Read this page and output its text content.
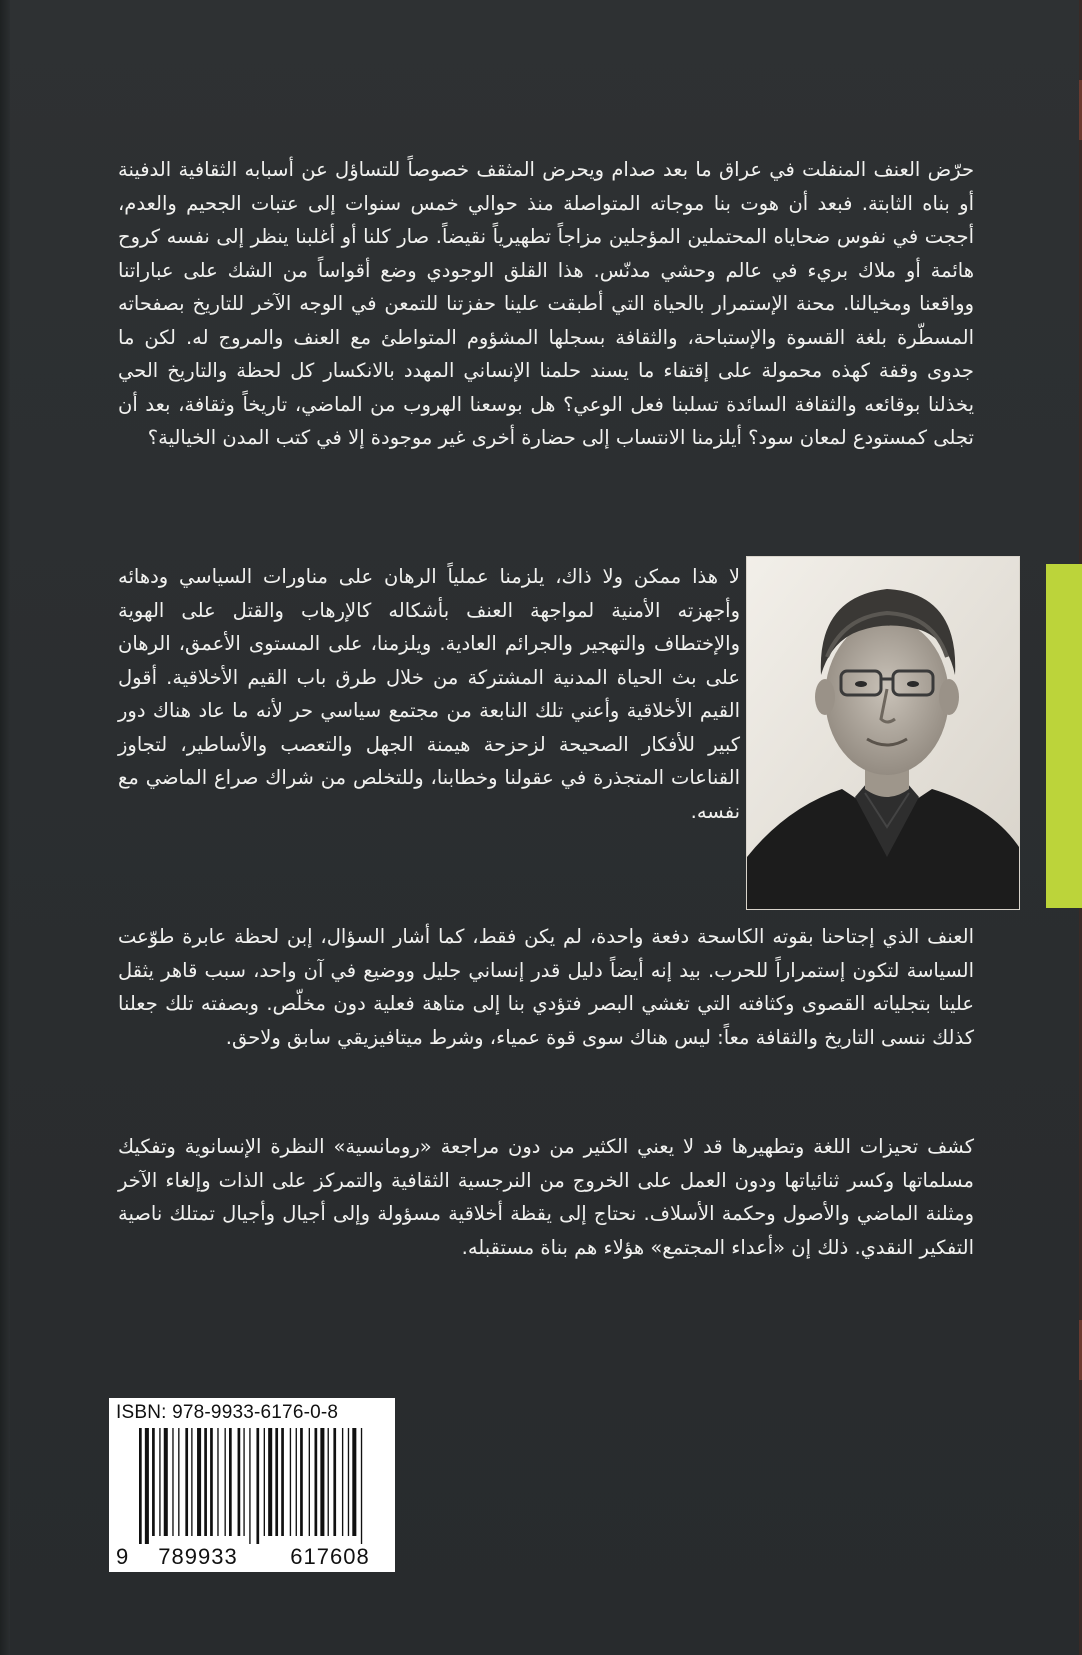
حرّض العنف المنفلت في عراق ما بعد صدام ويحرض المثقف خصوصاً للتساؤل عن أسبابه الثقافية الدفينة أو بناه الثابتة. فبعد أن هوت بنا موجاته المتواصلة منذ حوالي خمس سنوات إلى عتبات الجحيم والعدم، أججت في نفوس ضحاياه المحتملين المؤجلين مزاجاً تطهيرياً نقيضاً. صار كلنا أو أغلبنا ينظر إلى نفسه كروح هائمة أو ملاك بريء في عالم وحشي مدنّس. هذا القلق الوجودي وضع أقواساً من الشك على عباراتنا وواقعنا ومخيالنا. محنة الإستمرار بالحياة التي أطبقت علينا حفزتنا للتمعن في الوجه الآخر للتاريخ بصفحاته المسطّرة بلغة القسوة والإستباحة، والثقافة بسجلها المشؤوم المتواطئ مع العنف والمروج له. لكن ما جدوى وقفة كهذه محمولة على إقتفاء ما يسند حلمنا الإنساني المهدد بالانكسار كل لحظة والتاريخ الحي يخذلنا بوقائعه والثقافة السائدة تسلبنا فعل الوعي؟ هل بوسعنا الهروب من الماضي، تاريخاً وثقافة، بعد أن تجلى كمستودع لمعان سود؟ أيلزمنا الانتساب إلى حضارة أخرى غير موجودة إلا في كتب المدن الخيالية؟

لا هذا ممكن ولا ذاك، يلزمنا عملياً الرهان على مناورات السياسي ودهائه وأجهزته الأمنية لمواجهة العنف بأشكاله كالإرهاب والقتل على الهوية والإختطاف والتهجير والجرائم العادية. ويلزمنا، على المستوى الأعمق، الرهان على بث الحياة المدنية المشتركة من خلال طرق باب القيم الأخلاقية. أقول القيم الأخلاقية وأعني تلك النابعة من مجتمع سياسي حر لأنه ما عاد هناك دور كبير للأفكار الصحيحة لزحزحة هيمنة الجهل والتعصب والأساطير، لتجاوز القناعات المتجذرة في عقولنا وخطابنا، وللتخلص من شراك صراع الماضي مع نفسه.

العنف الذي إجتاحنا بقوته الكاسحة دفعة واحدة، لم يكن فقط، كما أشار السؤال، إبن لحظة عابرة طوّعت السياسة لتكون إستمراراً للحرب. بيد إنه أيضاً دليل قدر إنساني جليل ووضيع في آن واحد، سبب قاهر يثقل علينا بتجلياته القصوى وكثافته التي تغشي البصر فتؤدي بنا إلى متاهة فعلية دون مخلّص. وبصفته تلك جعلنا كذلك ننسى التاريخ والثقافة معاً: ليس هناك سوى قوة عمياء، وشرط ميتافيزيقي سابق ولاحق.

كشف تحيزات اللغة وتطهيرها قد لا يعني الكثير من دون مراجعة «رومانسية» النظرة الإنسانوية وتفكيك مسلماتها وكسر ثنائياتها ودون العمل على الخروج من النرجسية الثقافية والتمركز على الذات وإلغاء الآخر ومثلنة الماضي والأصول وحكمة الأسلاف. نحتاج إلى يقظة أخلاقية مسؤولة وإلى أجيال وأجيال تمتلك ناصية التفكير النقدي. ذلك إن «أعداء المجتمع» هؤلاء هم بناة مستقبله.

ISBN: 978-9933-6176-0-8
9	789933	617608
